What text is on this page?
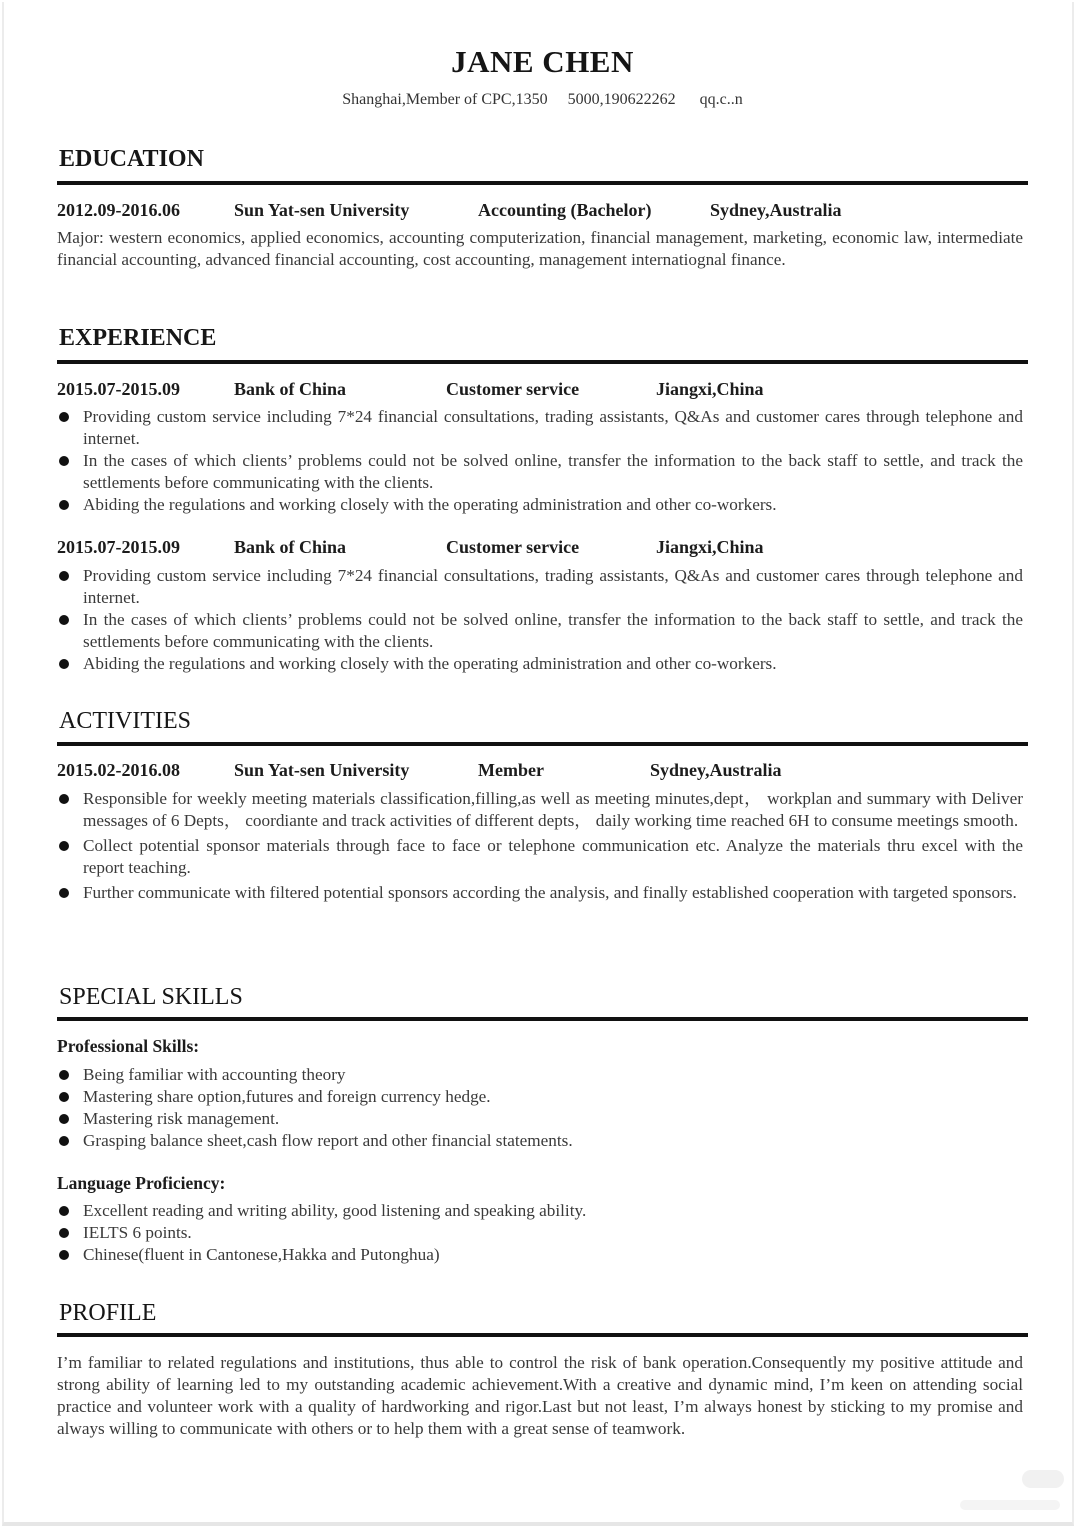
JANE CHEN
Shanghai,Member of CPC,1350     5000,190622262      qq.c..n
EDUCATION
2012.09-2016.06	Sun Yat-sen University	Accounting (Bachelor)	Sydney,Australia

Major: western economics, applied economics, accounting computerization, financial management, marketing, economic law, intermediate financial accounting, advanced financial accounting, cost accounting, management internatiognal finance.

EXPERIENCE
2015.07-2015.09	Bank of China	Customer service	Jiangxi,China
Providing custom service including 7*24 financial consultations, trading assistants, Q&As and customer cares through telephone and internet.
In the cases of which clients’ problems could not be solved online, transfer the information to the back staff to settle, and track the settlements before communicating with the clients.
Abiding the regulations and working closely with the operating administration and other co-workers.
2015.07-2015.09	Bank of China	Customer service	Jiangxi,China
Providing custom service including 7*24 financial consultations, trading assistants, Q&As and customer cares through telephone and internet.
In the cases of which clients’ problems could not be solved online, transfer the information to the back staff to settle, and track the settlements before communicating with the clients.
Abiding the regulations and working closely with the operating administration and other co-workers.
ACTIVITIES
2015.02-2016.08	Sun Yat-sen University	Member	Sydney,Australia
Responsible for weekly meeting materials classification,filling,as well as meeting minutes,dept， workplan and summary with Deliver messages of 6 Depts， coordiante and track activities of different depts， daily working time reached 6H to consume meetings smooth.
Collect potential sponsor materials through face to face or telephone communication etc. Analyze the materials thru excel with the report teaching.
Further communicate with filtered potential sponsors according the analysis, and finally established cooperation with targeted sponsors.
SPECIAL SKILLS
Professional Skills:
Being familiar with accounting theory
Mastering share option,futures and foreign currency hedge.
Mastering risk management.
Grasping balance sheet,cash flow report and other financial statements.
Language Proficiency:
Excellent reading and writing ability, good listening and speaking ability.
IELTS 6 points.
Chinese(fluent in Cantonese,Hakka and Putonghua)
PROFILE

I’m familiar to related regulations and institutions, thus able to control the risk of bank operation.Consequently my positive attitude and strong ability of learning led to my outstanding academic achievement.With a creative and dynamic mind, I’m keen on attending social practice and volunteer work with a quality of hardworking and rigor.Last but not least, I’m always honest by sticking to my promise and always willing to communicate with others or to help them with a great sense of teamwork.
